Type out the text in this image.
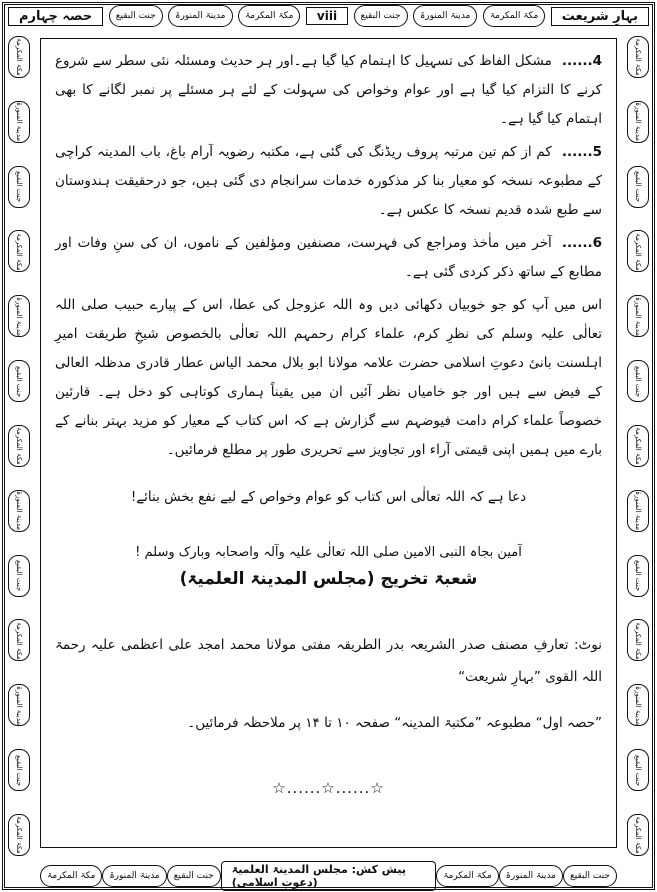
حصہ چہارم	جنت البقیع	مدینۃ المنورۃ	مکۃ المکرمۃ	viii	جنت البقیع	مدینۃ المنورۃ	مکۃ المکرمۃ	بہارِ شریعت
مکۃ المکرمۃ
مدینۃ المنورۃ
جنت البقیع
مکۃ المکرمۃ
مدینۃ المنورۃ
جنت البقیع
مکۃ المکرمۃ
مدینۃ المنورۃ
جنت البقیع
مکۃ المکرمۃ
مدینۃ المنورۃ
جنت البقیع
مکۃ المکرمۃ
مکۃ المکرمۃ
مدینۃ المنورۃ
جنت البقیع
مکۃ المکرمۃ
مدینۃ المنورۃ
جنت البقیع
مکۃ المکرمۃ
مدینۃ المنورۃ
جنت البقیع
مکۃ المکرمۃ
مدینۃ المنورۃ
جنت البقیع
مکۃ المکرمۃ

4......مشکل الفاظ کی تسہیل کا اہتمام کیا گیا ہے۔اور ہر حدیث ومسئلہ نئی سطر سے شروع کرنے کا التزام کیا گیا ہے اور عوام وخواص کی سہولت کے لئے ہر مسئلے پر نمبر لگانے کا بھی اہتمام کیا گیا ہے۔

5......کم از کم تین مرتبہ پروف ریڈنگ کی گئی ہے، مکتبہ رضویہ آرام باغ، باب المدینہ کراچی کے مطبوعہ نسخہ کو معیار بنا کر مذکورہ خدمات سرانجام دی گئی ہیں، جو درحقیقت ہندوستان سے طبع شدہ قدیم نسخہ کا عکس ہے۔

6......آخر میں ماٰخذ ومراجع کی فہرست، مصنفین ومؤلفین کے ناموں، ان کی سنِ وفات اور مطابع کے ساتھ ذکر کردی گئی ہے۔

اس میں آپ کو جو خوبیاں دکھائی دیں وہ اللہ عزوجل کی عطا، اس کے پیارے حبیب صلی اللہ تعالٰی علیہ وسلم کی نظرِ کرم، علماء کرام رحمہم اللہ تعالٰی بالخصوص شیخِ طریقت امیرِ اہلسنت بانیٔ دعوتِ اسلامی حضرت علامہ مولانا ابو بلال محمد الیاس عطار قادری مدظلہ العالی کے فیض سے ہیں اور جو خامیاں نظر آئیں ان میں یقیناً ہماری کوتاہی کو دخل ہے۔ قارئین خصوصاً علماء کرام دامت فیوضہم سے گزارش ہے کہ اس کتاب کے معیار کو مزید بہتر بنانے کے بارے میں ہمیں اپنی قیمتی آراء اور تجاویز سے تحریری طور پر مطلع فرمائیں۔

دعا ہے کہ اللہ تعالٰی اس کتاب کو عوام وخواص کے لیے نفع بخش بنائے!

آمین بجاہ النبی الامین صلی اللہ تعالٰی علیہ وآلہ واصحابہ وبارک وسلم !

شعبۃ تخریج (مجلس المدینۃ العلمیۃ)

نوٹ: تعارفِ مصنف صدر الشریعہ بدر الطریقہ مفتی مولانا محمد امجد علی اعظمی علیہ رحمۃ اللہ القوی ”بہارِ شریعت“

”حصہ اول“ مطبوعہ ”مکتبۃ المدینہ“ صفحہ ۱۰ تا ۱۴ پر ملاحظہ فرمائیں۔

☆......☆......☆
مکۃ المکرمۃ	مدینۃ المنورۃ	جنت البقیع	پیش کش: مجلس المدینۃ العلمیۃ (دعوتِ اسلامی)
مکۃ المکرمۃ	مدینۃ المنورۃ	جنت البقیع
